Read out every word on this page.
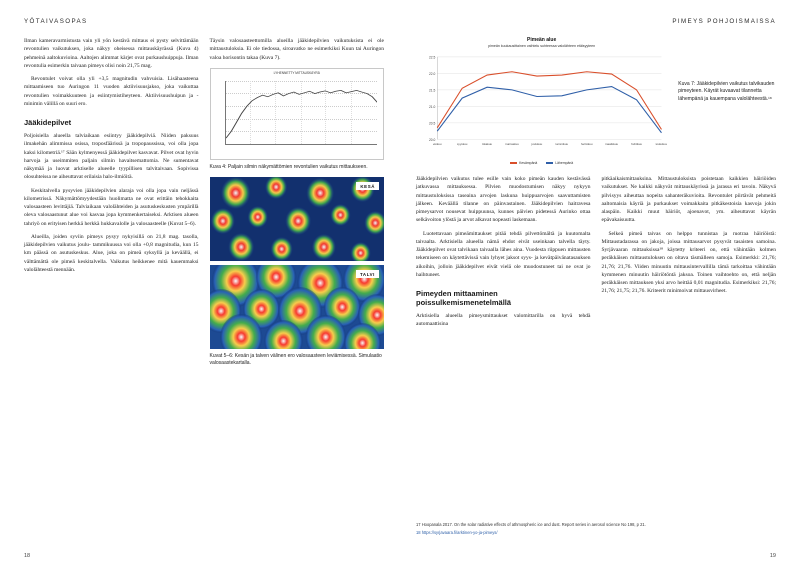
YÖTAIVASOPAS

Ilman kameravarmistusta vain yli yön kestävä mittaus ei pysty selvittämään revontulien vaikutuksen, joka näkyy oheisessa mittauskäyrässä (Kuva 4) pehmeinä aaltokuvioina. Aaltojen alimmat kärjet ovat purkaushuippuja. Ilman revontulia esimerkin taivaan pimeys olisi noin 21,75 mag.

Revontulet voivat olla yli +3,5 magnitudin vahvuisia. Lisähaasteena mittaamiseen tuo Auringon 11 vuoden aktiivisuusjakso, joka vaikuttaa revontulien voimakkuuteen ja esiintymistiheyteen. Aktiivisuushuipun ja -minimin välillä on suuri ero.

Jääkidepilvet

Poljoisiella alueella talviaikaan esiintyy jääkidepilviä. Niiden paksuus ilmakehän alimmissa osissa, troposfäärissä ja tropopaussissa, voi olla jopa kaksi kilometriä.¹⁷ Sään kylmenyessä jääkidepilvet kasvavat. Pilvet ovat hyvin harvoja ja useimmiten paljain silmin havaitsemattomia. Ne sumentavat näkymää ja luovat arktiselle alueelle tyypillisen talvitaivaan. Sopivissa olosuhteissa ne aiheuttavat erilaisia halo-ilmiöitä.

Keskitalvella pysyvien jääkidepilvien alaraja voi olla jopa vain neljässä kilometrissä. Näkymättömyydestään huolimatta ne ovat erittäin tehokkaita valosaasteen levittäjiä. Talviaikaan valolähteiden ja asutuskeskusten ympärillä oleva valosaastunut alue voi kasvaa jopa kymmenkertaiseksi. Arktisen alueen tahriyö on erityisen herkkä herkkä hukkavalolle ja valosaasteelle (Kuvat 5–6).

Alueilla, joiden syviin pimeys pysyy nykyisillä on 21,8 mag. tasolla, jääkidepilvien vaikutus joulu- tammikuussa voi olla +0,8 magnitudia, kun 15 km päässä on asutuskeskus. Alue, joka on pimeä syksyllä ja keväällä, ei välttämättä ole pimeä keskitalvella. Vaikutus heikkenee mitä kauemmaksi valolähteestä mennään.

Täysin valosaasteettomilla alueilla jääkidepilvien vaikutuksista ei ole mittaustuloksia. Ei ole tiedossa, siroavatko ne esimerkiksi Kuun tai Auringon valoa horisontin takaa (Kuva 7).

LYHENNETTY MITTAUSKÄYRÄ
Kuva 4: Paljain silmin näkymättömien revontulien vaikutus mittaukseen.
KESÄ
TALVI
Kuvat 5–6: Kesän ja talven välinen ero valosaasteen leviämisessä. Simulaatio valosaastekartalla.
18
PIMEYS POHJOISMAISSA
Pimeän alue
pimeän kuukausittainen vaihtelu suhteessa valolähteen etäisyyteen
20.0
20.5
21.0
21.5
22.0
22.5
elokuu	syyskuu	lokakuu	marraskuu	joulukuu	tammikuu	helmikuu	maaliskuu	huhtikuu	toukokuu
Kesämpänä	Lähempänä
Kuva 7: Jääkidepilvien vaikutus talvikauden pimeyteen. Käyrät kuvaavat tilannetta lähempänä ja kauempana valolähteestä.¹⁸

Jääkidepilvien vaikutus tulee esille vain koko pimeän kauden kestävässä jatkuvassa mittauksessa. Pilvien muodostumisen näkyy nykyyn mittaustuloksissa taseaina arvojen laskuna huippuarvojen saavuttamisten jälkeen. Keväällä tilanne on päinvastainen. Jääkidepilvien haitravesa pimeysarvot nousevat huippuunsa, kunnes päivien pidetessä Aurinko ottaa selkävoiton ylöstä ja arvot alkavat nopeasti laskemaan.

Luotettavaan pimeämittaukset pitää tehdä pilvettömältä ja kuutomalta taivaalta. Arktisiella alueella nämä ehdot eivät useinkaan talvella täyty. Jääkidepilvet ovat talvikaan taivaalla lähes aina. Vuodesta riippuen mittausten tekemiseen on käytettävissä vain lyhyet jaksot syys- ja kevätpäivänatasauksen aikoihin, jolloin jääkidepilvet eivät vielä ole muodostuneet tai ne ovat jo haihtuneet.

Pimeyden mittaaminen poissulkemismenetelmällä

Arktisiella alueella pimeysmittaukset valomittarilla on hyvä tehdä automaattisina

pitkäaikaismittauksina. Mittaustuloksista poistetaan kaikkien häiriöiden vaikutukset. Ne kaikki näkyvät mittauskäyrissä ja jarassa eri tavoin. Näkyvä pilvisyys aiheuttaa nopeita sahanteräkuvioita. Revontulet piirtävät pehmeitä aaltomaisia käyriä ja purkaukset voimakkaita pitkäkestoisia kasvoja jokin alaspäin. Kaikki muut häiriöt, ajoenavot, ym. aiheuttavat käyrän epävakaisuutta.

Selkeä pimeä taivas on helppo tunnistaa ja ruotraa häiriöistä: Mittaustadarassa on jakoja, joissa mittausarvot pysyvät tasaisten samoina. Syrjävaaran mittauksissa¹⁸ käytetty kriteeri on, että vähintään kolmen peräkkäisen mittaustuloksen on oltava täsmälleen samoja. Esimerkki: 21,76; 21,76; 21,76. Viiden minuutin mittausintervallilla tämä tarkoittaa vähintään kymmenen minuutin häiriötöntä jaksoa. Toinen vaihtoehto on, että neljän peräkkäisen mittauksen yksi arvo heittää 0,01 magnitudia. Esimerkiksi: 21,76; 21,76; 21,75; 21,76. Kriteerit minimoivat mittausvirheet.

17 Hoopanala 2017. On the solar radiative effects of athmospheric ice and dust. Report series in aerosol science No 198, p 21.
18 https://syrjavaara.fi/arktinen-yo-ja-pimeys/
19
